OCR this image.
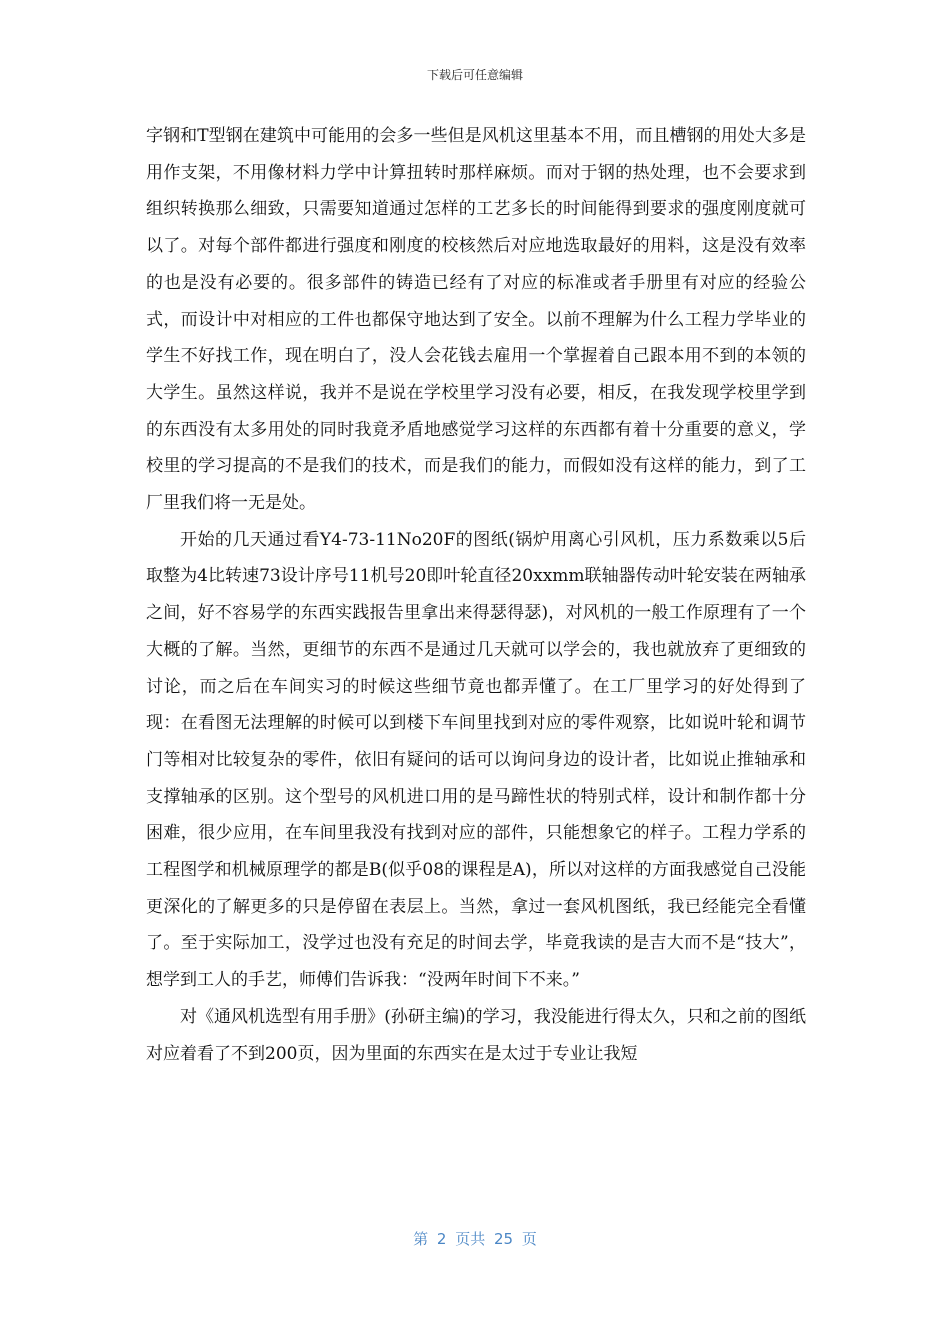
下载后可任意编辑

字钢和T型钢在建筑中可能用的会多一些但是风机这里基本不用，而且槽钢的用处大多是用作支架，不用像材料力学中计算扭转时那样麻烦。而对于钢的热处理，也不会要求到组织转换那么细致，只需要知道通过怎样的工艺多长的时间能得到要求的强度刚度就可以了。对每个部件都进行强度和刚度的校核然后对应地选取最好的用料，这是没有效率的也是没有必要的。很多部件的铸造已经有了对应的标准或者手册里有对应的经验公式，而设计中对相应的工件也都保守地达到了安全。以前不理解为什么工程力学毕业的学生不好找工作，现在明白了，没人会花钱去雇用一个掌握着自己跟本用不到的本领的大学生。虽然这样说，我并不是说在学校里学习没有必要，相反，在我发现学校里学到的东西没有太多用处的同时我竟矛盾地感觉学习这样的东西都有着十分重要的意义，学校里的学习提高的不是我们的技术，而是我们的能力，而假如没有这样的能力，到了工厂里我们将一无是处。

开始的几天通过看Y4-73-11No20F的图纸(锅炉用离心引风机，压力系数乘以5后取整为4比转速73设计序号11机号20即叶轮直径20xxmm联轴器传动叶轮安装在两轴承之间，好不容易学的东西实践报告里拿出来得瑟得瑟)，对风机的一般工作原理有了一个大概的了解。当然，更细节的东西不是通过几天就可以学会的，我也就放弃了更细致的讨论，而之后在车间实习的时候这些细节竟也都弄懂了。在工厂里学习的好处得到了现：在看图无法理解的时候可以到楼下车间里找到对应的零件观察，比如说叶轮和调节门等相对比较复杂的零件，依旧有疑问的话可以询问身边的设计者，比如说止推轴承和支撑轴承的区别。这个型号的风机进口用的是马蹄性状的特别式样，设计和制作都十分困难，很少应用，在车间里我没有找到对应的部件，只能想象它的样子。工程力学系的工程图学和机械原理学的都是B(似乎08的课程是A)，所以对这样的方面我感觉自己没能更深化的了解更多的只是停留在表层上。当然，拿过一套风机图纸，我已经能完全看懂了。至于实际加工，没学过也没有充足的时间去学，毕竟我读的是吉大而不是“技大”，想学到工人的手艺，师傅们告诉我：“没两年时间下不来。”

对《通风机选型有用手册》(孙研主编)的学习，我没能进行得太久，只和之前的图纸对应着看了不到200页，因为里面的东西实在是太过于专业让我短

第 2 页共 25 页
